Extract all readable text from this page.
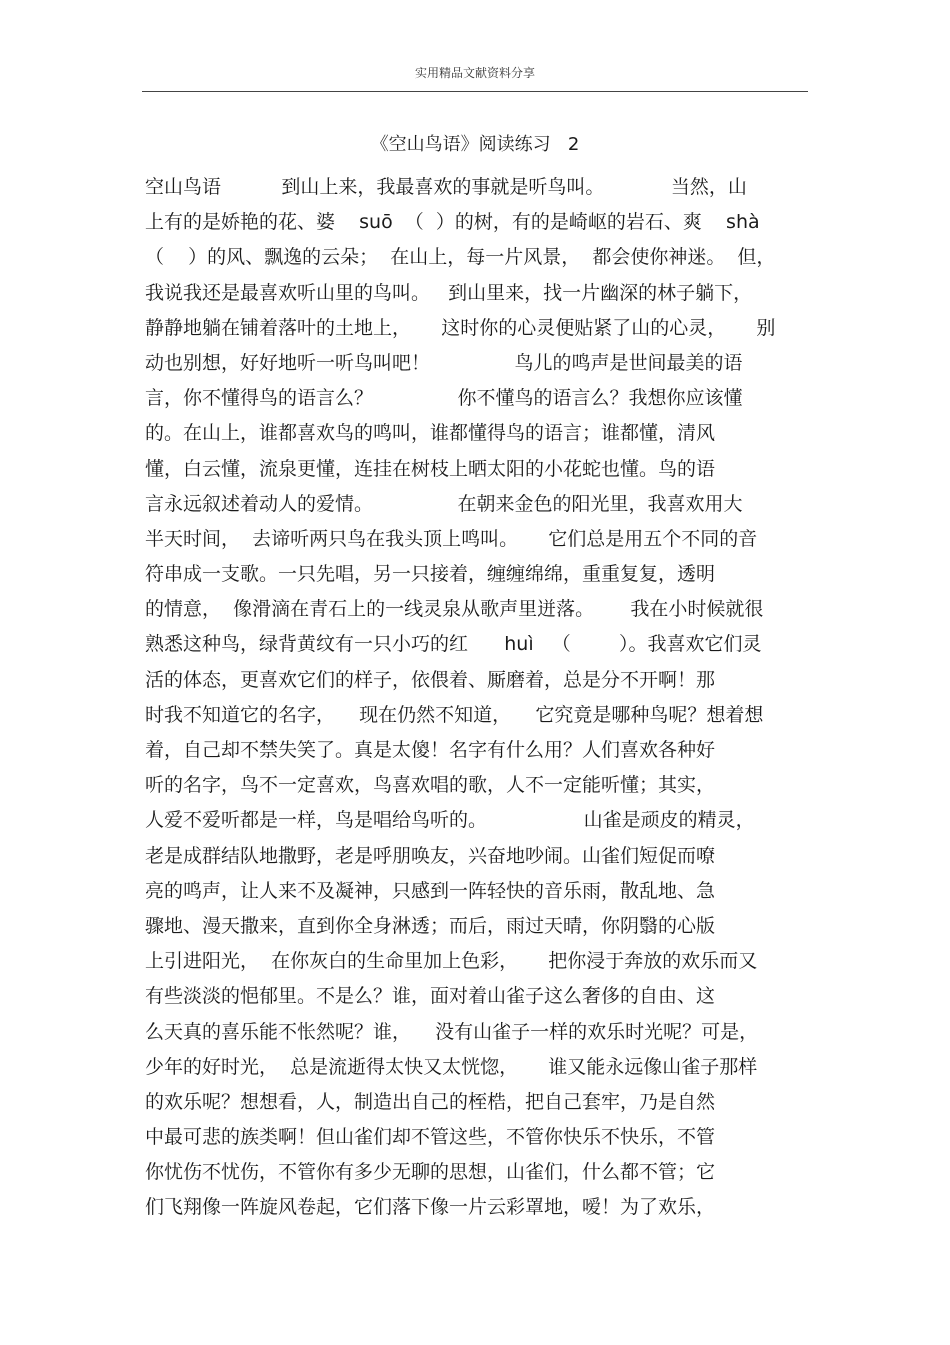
实用精品文献资料分享
《空山鸟语》阅读练习   2
空山鸟语          到山上来，我最喜欢的事就是听鸟叫。           当然，山
上有的是娇艳的花、婆    suō  （  ）的树，有的是崎岖的岩石、爽    shà
（    ）的风、飘逸的云朵；  在山上，每一片风景，  都会使你神迷。  但，
我说我还是最喜欢听山里的鸟叫。   到山里来，找一片幽深的林子躺下，
静静地躺在铺着落叶的土地上，     这时你的心灵便贴紧了山的心灵，     别
动也别想，好好地听一听鸟叫吧！              鸟儿的鸣声是世间最美的语
言，你不懂得鸟的语言么？              你不懂鸟的语言么？我想你应该懂
的。在山上，谁都喜欢鸟的鸣叫，谁都懂得鸟的语言；谁都懂，清风
懂，白云懂，流泉更懂，连挂在树枝上晒太阳的小花蛇也懂。鸟的语
言永远叙述着动人的爱情。              在朝来金色的阳光里，我喜欢用大
半天时间，  去谛听两只鸟在我头顶上鸣叫。     它们总是用五个不同的音
符串成一支歌。一只先唱，另一只接着，缠缠绵绵，重重复复，透明
的情意，  像滑滴在青石上的一线灵泉从歌声里迸落。      我在小时候就很
熟悉这种鸟，绿背黄纹有一只小巧的红      huì   （        ）。我喜欢它们灵
活的体态，更喜欢它们的样子，依偎着、厮磨着，总是分不开啊！那
时我不知道它的名字，    现在仍然不知道，    它究竟是哪种鸟呢？想着想
着，自己却不禁失笑了。真是太傻！名字有什么用？人们喜欢各种好
听的名字，鸟不一定喜欢，鸟喜欢唱的歌，人不一定能听懂；其实，
人爱不爱听都是一样，鸟是唱给鸟听的。                山雀是顽皮的精灵，
老是成群结队地撒野，老是呼朋唤友，兴奋地吵闹。山雀们短促而嘹
亮的鸣声，让人来不及凝神，只感到一阵轻快的音乐雨，散乱地、急
骤地、漫天撒来，直到你全身淋透；而后，雨过天晴，你阴翳的心版
上引进阳光，  在你灰白的生命里加上色彩，     把你浸于奔放的欢乐而又
有些淡淡的悒郁里。不是么？谁，面对着山雀子这么奢侈的自由、这
么天真的喜乐能不怅然呢？谁，    没有山雀子一样的欢乐时光呢？可是，
少年的好时光，  总是流逝得太快又太恍惚，     谁又能永远像山雀子那样
的欢乐呢？想想看，人，制造出自己的桎梏，把自己套牢，乃是自然
中最可悲的族类啊！但山雀们却不管这些，不管你快乐不快乐，不管
你忧伤不忧伤，不管你有多少无聊的思想，山雀们，什么都不管；它
们飞翔像一阵旋风卷起，它们落下像一片云彩罩地，嗳！为了欢乐，
